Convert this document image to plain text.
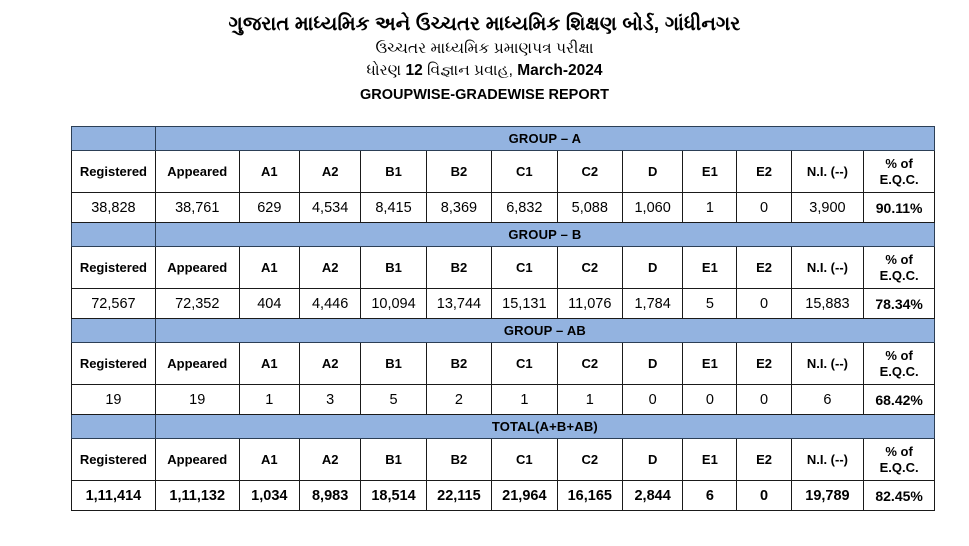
ગુજરાત માધ્યમિક અને ઉચ્ચતર માધ્યમિક શિક્ષણ બોર્ડ, ગાંધીનગર
ઉચ્ચતર માધ્યમિક પ્રમાણપત્ર પરીક્ષા
ધોરણ 12 વિજ્ઞાન પ્રવાહ, March-2024
GROUPWISE-GRADEWISE REPORT
	GROUP – A											
Registered	Appeared	A1	A2	B1	B2	C1	C2	D	E1	E2	N.I. (--)	% of
E.Q.C.

38,828	38,761	629	4,534	8,415	8,369	6,832	5,088	1,060	1	0	3,900	90.11%
	GROUP – B											
Registered	Appeared	A1	A2	B1	B2	C1	C2	D	E1	E2	N.I. (--)	% of
E.Q.C.

72,567	72,352	404	4,446	10,094	13,744	15,131	11,076	1,784	5	0	15,883	78.34%
	GROUP – AB											
Registered	Appeared	A1	A2	B1	B2	C1	C2	D	E1	E2	N.I. (--)	% of
E.Q.C.

19	19	1	3	5	2	1	1	0	0	0	6	68.42%
	TOTAL(A+B+AB)											
Registered	Appeared	A1	A2	B1	B2	C1	C2	D	E1	E2	N.I. (--)	% of
E.Q.C.

1,11,414	1,11,132	1,034	8,983	18,514	22,115	21,964	16,165	2,844	6	0	19,789	82.45%
